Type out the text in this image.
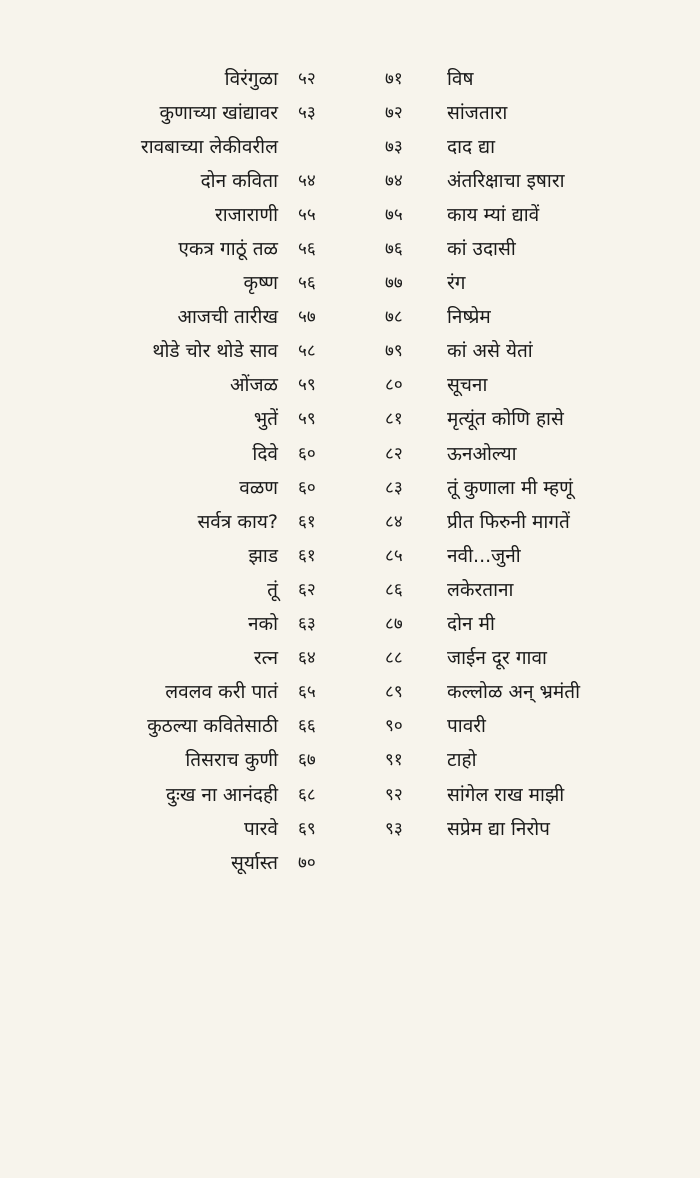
विरंगुळा ५२
कुणाच्या खांद्यावर ५३
रावबाच्या लेकीवरील
दोन कविता ५४
राजाराणी ५५
एकत्र गाठूं तळ ५६
कृष्ण ५६
आजची तारीख ५७
थोडे चोर थोडे साव ५८
ओंजळ ५९
भुतें ५९
दिवे ६०
वळण ६०
सर्वत्र काय? ६१
झाड ६१
तूं ६२
नको ६३
रत्न ६४
लवलव करी पातं ६५
कुठल्या कवितेसाठी ६६
तिसराच कुणी ६७
दुःख ना आनंदही ६८
पारवे ६९
सूर्यास्त ७०
७१	विष
७२	सांजतारा
७३	दाद द्या
७४	अंतरिक्षाचा इषारा
७५	काय म्यां द्यावें
७६	कां उदासी
७७	रंग
७८	निष्प्रेम
७९	कां असे येतां
८०	सूचना
८१	मृत्यूंत कोणि हासे
८२	ऊनओल्या
८३	तूं कुणाला मी म्हणूं
८४	प्रीत फिरुनी मागतें
८५	नवी...जुनी
८६	लकेरताना
८७	दोन मी
८८	जाईन दूर गावा
८९	कल्लोळ अन् भ्रमंती
९०	पावरी
९१	टाहो
९२	सांगेल राख माझी
९३	सप्रेम द्या निरोप
